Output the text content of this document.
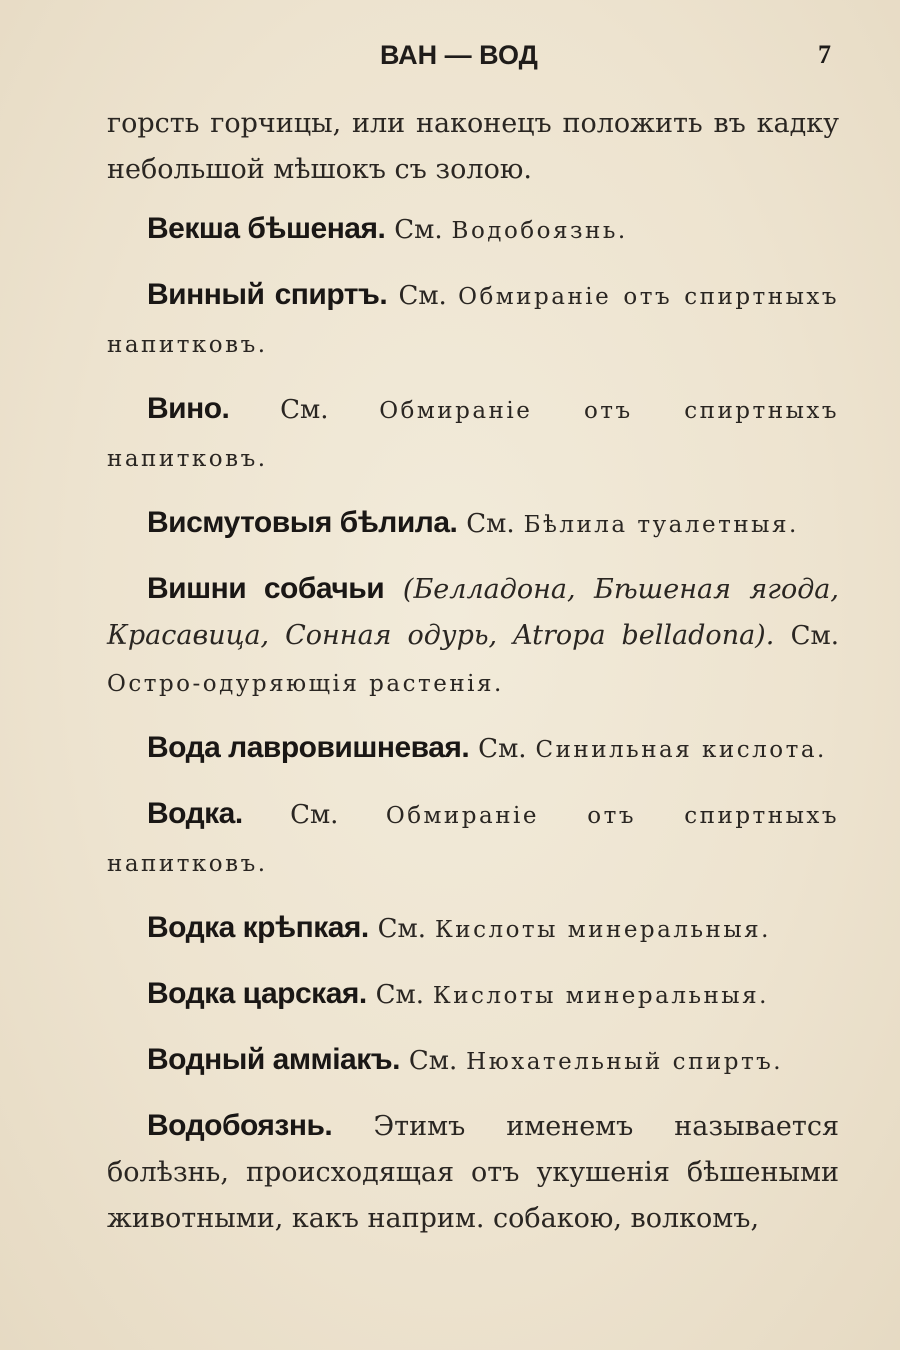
ВАН — ВОД	7

горсть горчицы, или наконецъ положить въ кадку небольшой мѣшокъ съ золою.

Векша бѣшеная. См. Водобоязнь.

Винный спиртъ. См. Обмиранiе отъ спиртныхъ напитковъ.

Вино. См. Обмиранiе отъ спиртныхъ напитковъ.

Висмутовыя бѣлила. См. Бѣлила туалетныя.

Вишни собачьи (Белладона, Бѣшеная ягода, Красавица, Сонная одурь, Atropa belladona). См. Остро-одуряющiя растенiя.

Вода лавровишневая. См. Синильная кислота.

Водка. См. Обмиранiе отъ спиртныхъ напитковъ.

Водка крѣпкая. См. Кислоты минеральныя.

Водка царская. См. Кислоты минеральныя.

Водный амміакъ. См. Нюхательный спиртъ.

Водобоязнь. Этимъ именемъ называется болѣзнь, происходящая отъ укушенiя бѣшеными животными, какъ наприм. собакою, волкомъ,
